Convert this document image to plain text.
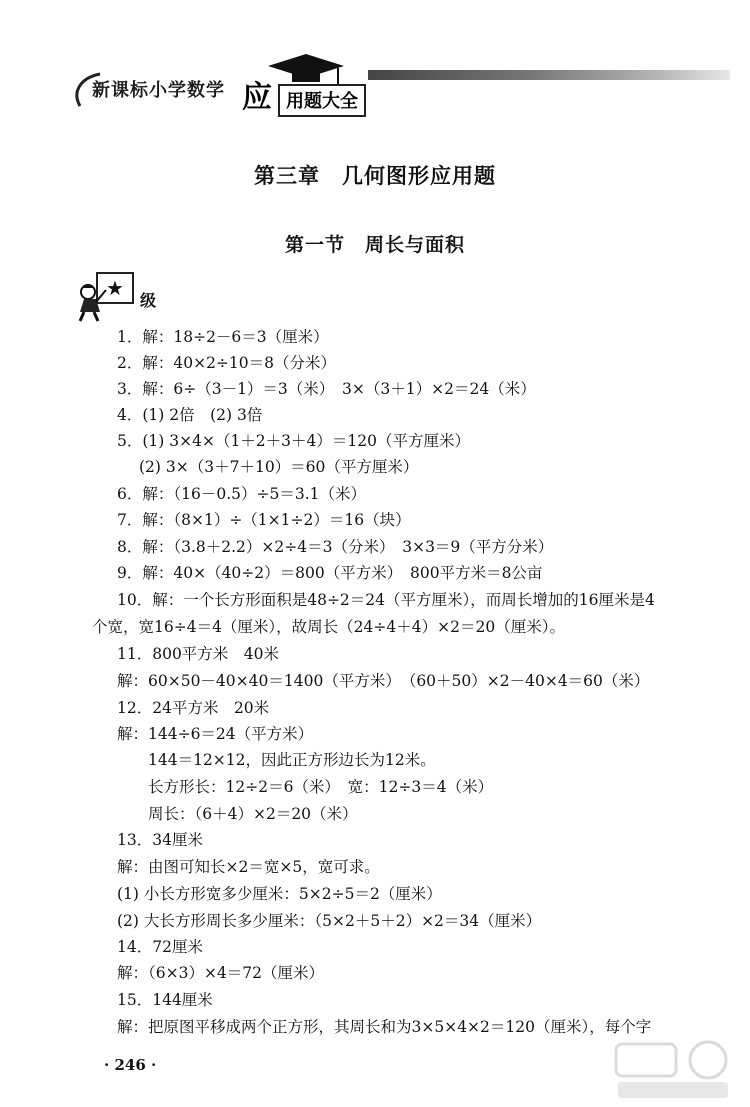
新课标小学数学 应 用题大全
第三章　几何图形应用题
第一节　周长与面积
★
级
1．解：18÷2－6＝3（厘米）
2．解：40×2÷10＝8（分米）
3．解：6÷（3－1）＝3（米）　3×（3＋1）×2＝24（米）
4．(1) 2倍　(2) 3倍
5．(1) 3×4×（1＋2＋3＋4）＝120（平方厘米）
(2) 3×（3＋7＋10）＝60（平方厘米）
6．解：（16－0.5）÷5＝3.1（米）
7．解：（8×1）÷（1×1÷2）＝16（块）
8．解：（3.8＋2.2）×2÷4＝3（分米）　3×3＝9（平方分米）
9．解：40×（40÷2）＝800（平方米）　800平方米＝8公亩
10．解：一个长方形面积是48÷2＝24（平方厘米），而周长增加的16厘米是4
个宽，宽16÷4＝4（厘米），故周长（24÷4＋4）×2＝20（厘米）。
11．800平方米　40米
解：60×50－40×40＝1400（平方米）　（60＋50）×2－40×4＝60（米）
12．24平方米　20米
解：144÷6＝24（平方米）
144＝12×12，因此正方形边长为12米。
长方形长：12÷2＝6（米）　宽：12÷3＝4（米）
周长：（6＋4）×2＝20（米）
13．34厘米
解：由图可知长×2＝宽×5，宽可求。
(1) 小长方形宽多少厘米：5×2÷5＝2（厘米）
(2) 大长方形周长多少厘米：（5×2＋5＋2）×2＝34（厘米）
14．72厘米
解：（6×3）×4＝72（厘米）
15．144厘米
解：把原图平移成两个正方形，其周长和为3×5×4×2＝120（厘米），每个字
· 246 ·
